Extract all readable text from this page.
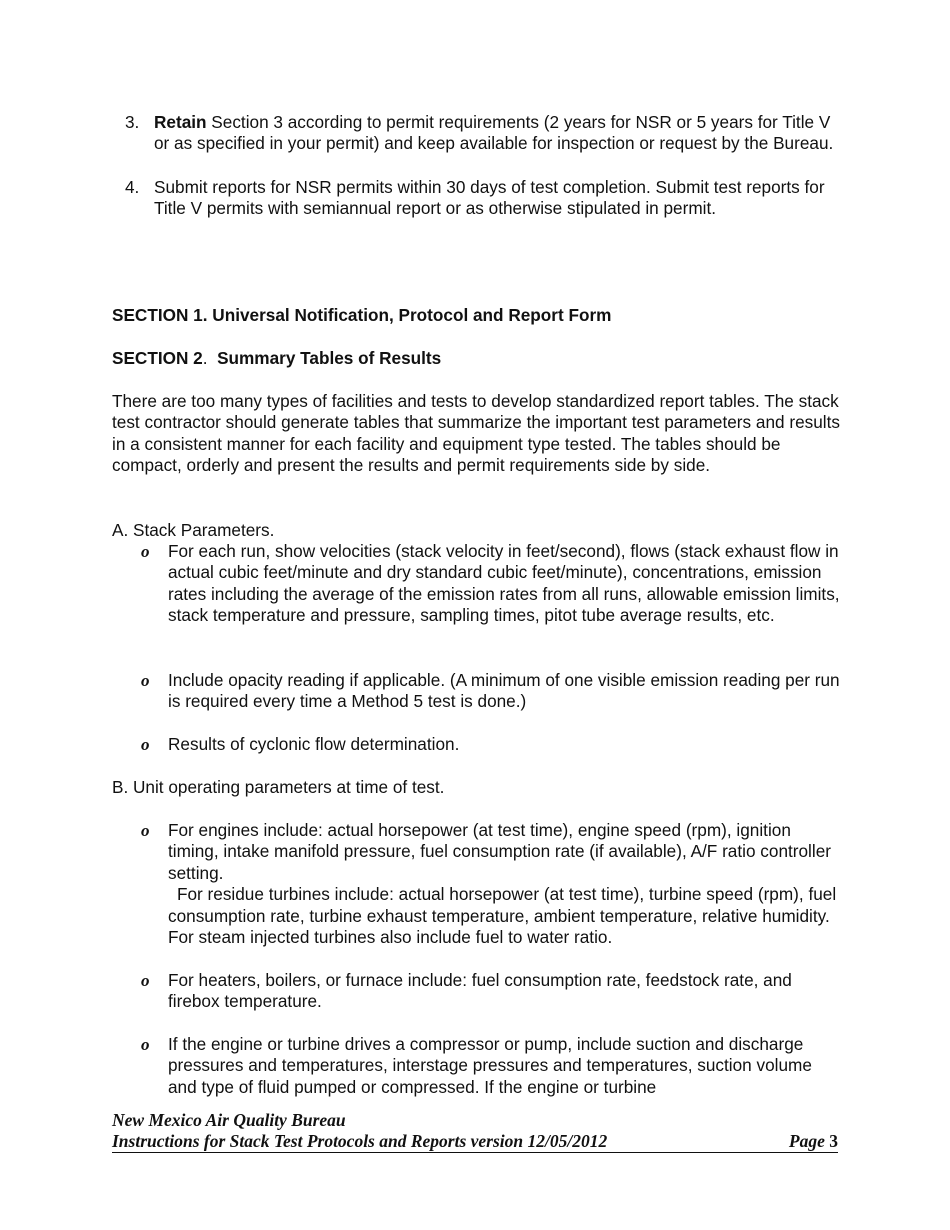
3. Retain Section 3 according to permit requirements (2 years for NSR or 5 years for Title V or as specified in your permit) and keep available for inspection or request by the Bureau.
4. Submit reports for NSR permits within 30 days of test completion. Submit test reports for Title V permits with semiannual report or as otherwise stipulated in permit.
SECTION 1. Universal Notification, Protocol and Report Form
SECTION 2.  Summary Tables of Results
There are too many types of facilities and tests to develop standardized report tables. The stack test contractor should generate tables that summarize the important test parameters and results in a consistent manner for each facility and equipment type tested. The tables should be compact, orderly and present the results and permit requirements side by side.
A. Stack Parameters.
o For each run, show velocities (stack velocity in feet/second), flows (stack exhaust flow in actual cubic feet/minute and dry standard cubic feet/minute), concentrations, emission rates including the average of the emission rates from all runs, allowable emission limits, stack temperature and pressure, sampling times, pitot tube average results, etc.
o Include opacity reading if applicable. (A minimum of one visible emission reading per run is required every time a Method 5 test is done.)
o Results of cyclonic flow determination.
B. Unit operating parameters at time of test.
o For engines include: actual horsepower (at test time), engine speed (rpm), ignition timing, intake manifold pressure, fuel consumption rate (if available), A/F ratio controller setting.
For residue turbines include: actual horsepower (at test time), turbine speed (rpm), fuel consumption rate, turbine exhaust temperature, ambient temperature, relative humidity. For steam injected turbines also include fuel to water ratio.
o For heaters, boilers, or furnace include: fuel consumption rate, feedstock rate, and firebox temperature.
o If the engine or turbine drives a compressor or pump, include suction and discharge pressures and temperatures, interstage pressures and temperatures, suction volume and type of fluid pumped or compressed. If the engine or turbine
New Mexico Air Quality Bureau
Instructions for Stack Test Protocols and Reports version 12/05/2012	Page 3
